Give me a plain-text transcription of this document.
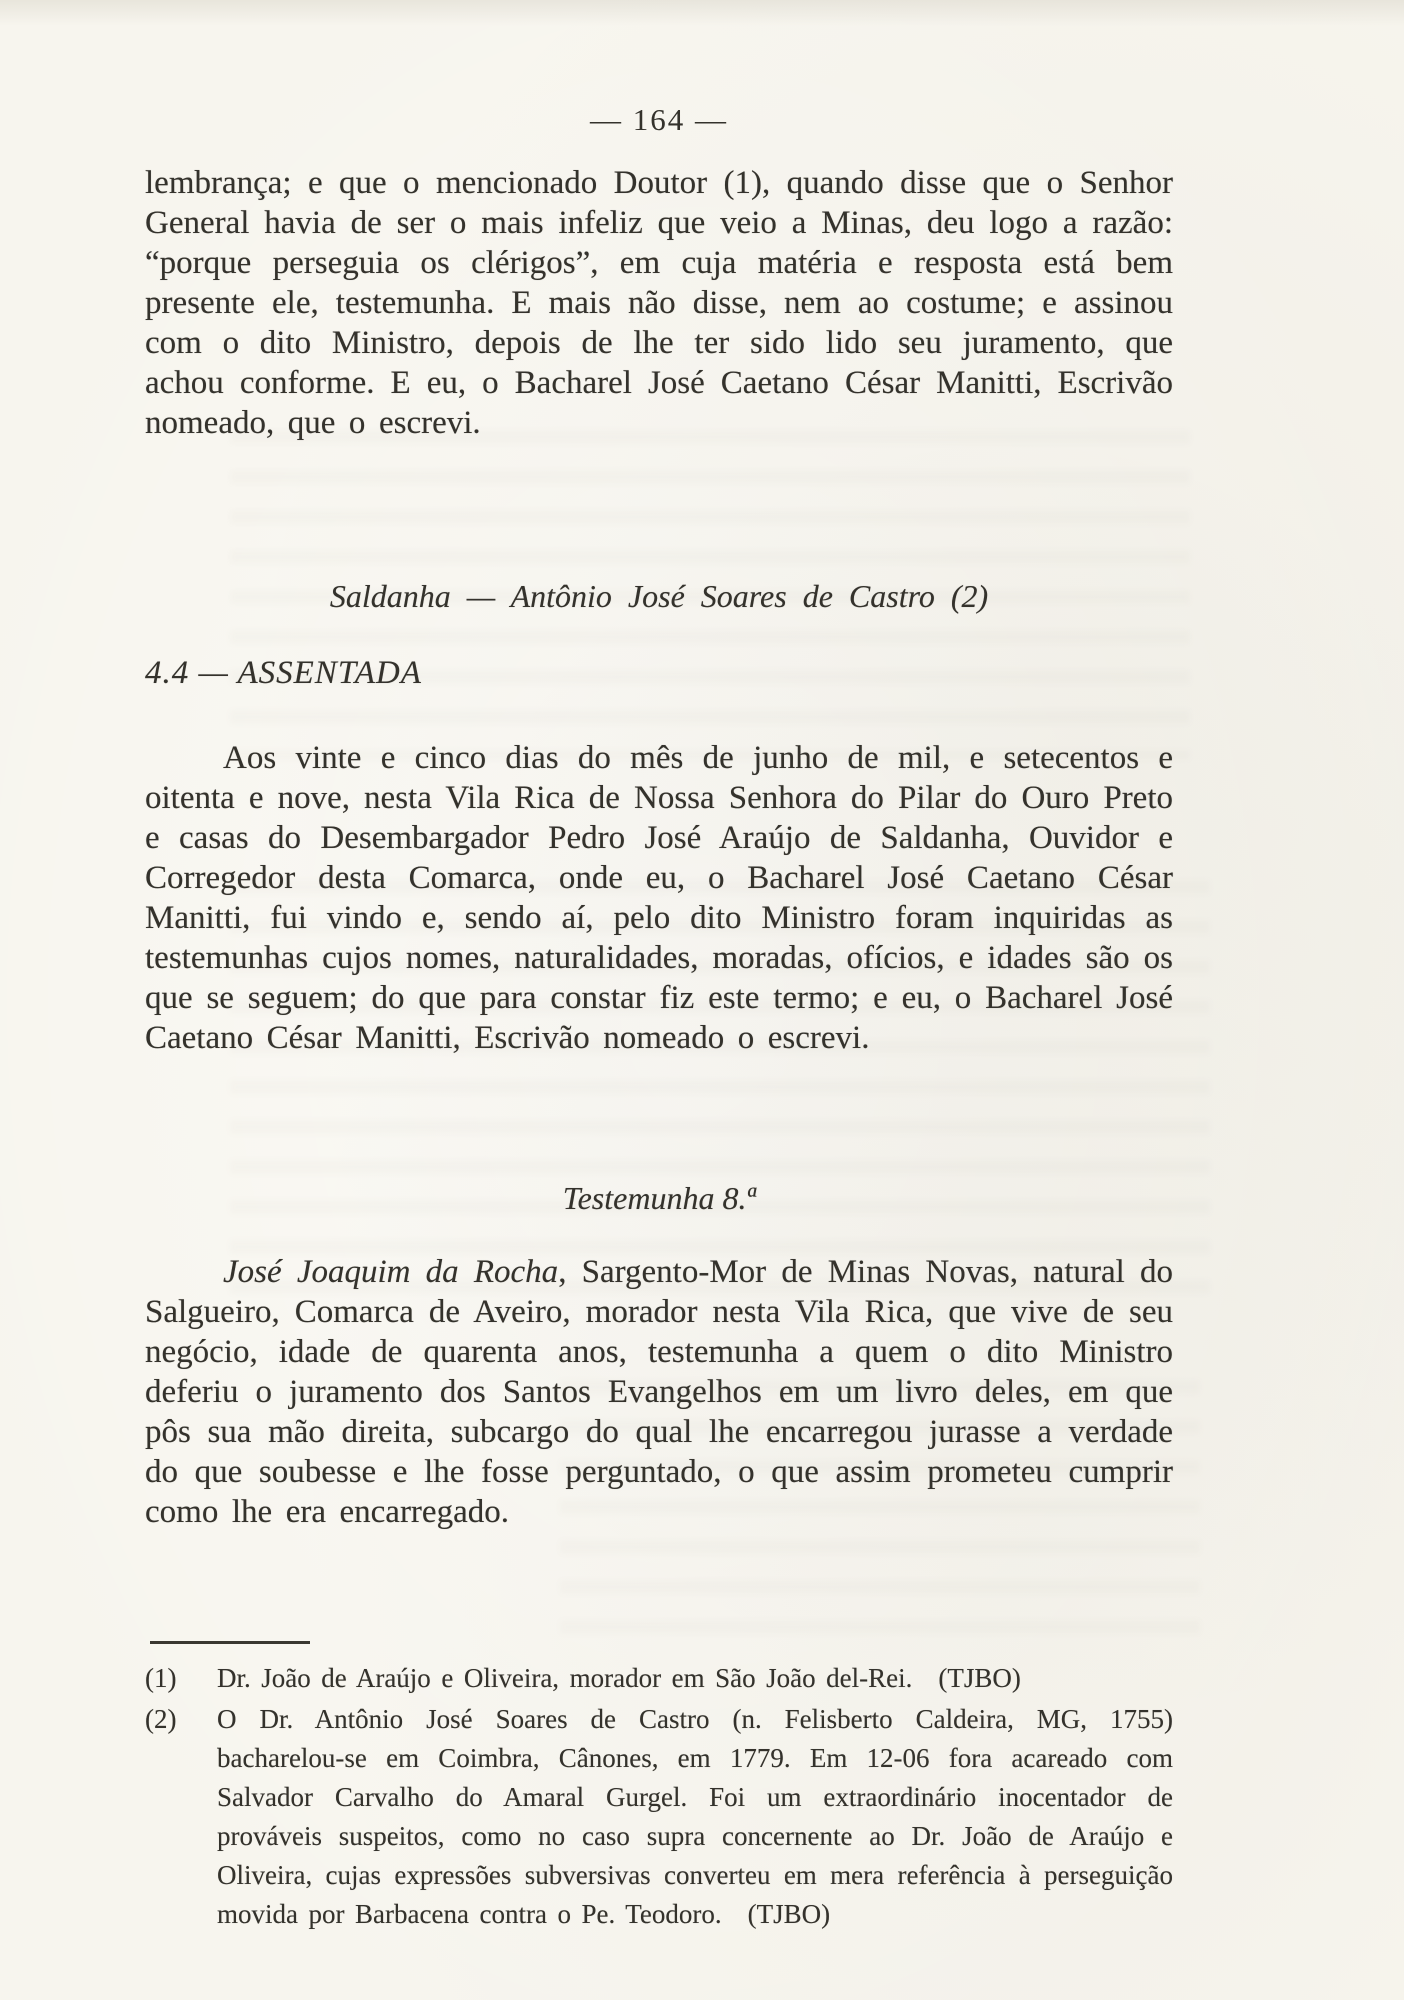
— 164 —

lembrança; e que o mencionado Doutor (1), quando disse que o Senhor General havia de ser o mais infeliz que veio a Minas, deu logo a razão: “porque perseguia os clérigos”, em cuja matéria e resposta está bem presente ele, testemunha. E mais não disse, nem ao costume; e assinou com o dito Ministro, depois de lhe ter sido lido seu juramento, que achou conforme. E eu, o Bacharel José Caetano César Manitti, Escrivão nomeado, que o escrevi.

Saldanha — Antônio José Soares de Castro (2)
4.4 — ASSENTADA

Aos vinte e cinco dias do mês de junho de mil, e setecentos e oitenta e nove, nesta Vila Rica de Nossa Senhora do Pilar do Ouro Preto e casas do Desembargador Pedro José Araújo de Saldanha, Ouvidor e Corregedor desta Comarca, onde eu, o Bacharel José Caetano César Manitti, fui vindo e, sendo aí, pelo dito Ministro foram inquiridas as testemunhas cujos nomes, naturalidades, moradas, ofícios, e idades são os que se seguem; do que para constar fiz este termo; e eu, o Bacharel José Caetano César Manitti, Escrivão nomeado o escrevi.

Testemunha 8.ª

José Joaquim da Rocha, Sargento-Mor de Minas Novas, natural do Salgueiro, Comarca de Aveiro, morador nesta Vila Rica, que vive de seu negócio, idade de quarenta anos, testemunha a quem o dito Ministro deferiu o juramento dos Santos Evangelhos em um livro deles, em que pôs sua mão direita, subcargo do qual lhe encarregou jurasse a verdade do que soubesse e lhe fosse perguntado, o que assim prometeu cumprir como lhe era encarregado.

(1)	Dr. João de Araújo e Oliveira, morador em São João del-Rei. (TJBO)
(2)	O Dr. Antônio José Soares de Castro (n. Felisberto Caldeira, MG, 1755) bacharelou-se em Coimbra, Cânones, em 1779. Em 12-06 fora acareado com Salvador Carvalho do Amaral Gurgel. Foi um extraordinário inocentador de prováveis suspeitos, como no caso supra concernente ao Dr. João de Araújo e Oliveira, cujas expressões subversivas converteu em mera referência à perseguição movida por Barbacena contra o Pe. Teodoro. (TJBO)
